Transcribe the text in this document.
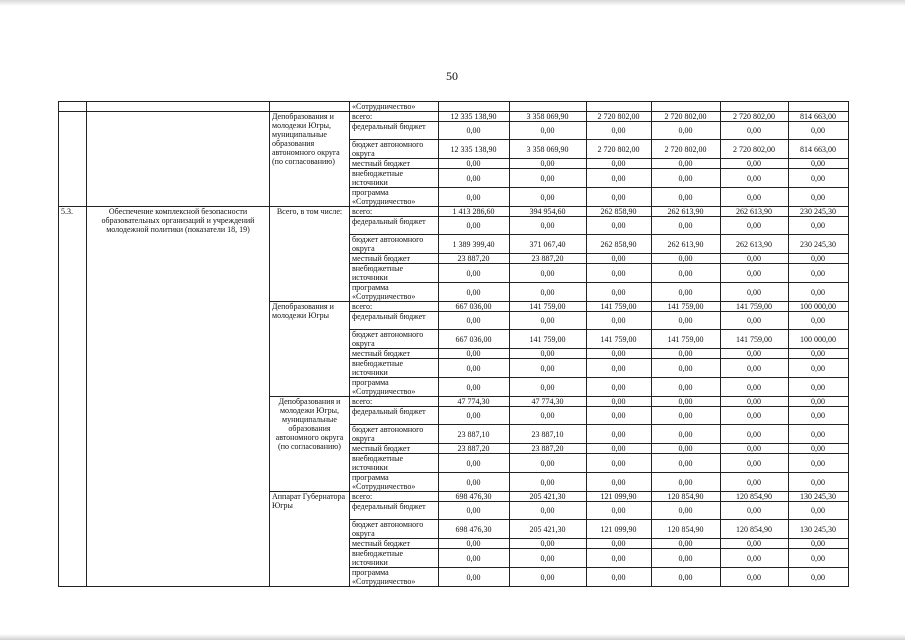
50
			«Сотрудничество»						
		Депобразования и молодежи Югры, муниципальные образования автономного округа (по согласованию)	всего:	12 335 138,90	3 358 069,90	2 720 802,00	2 720 802,00	2 720 802,00	814 663,00
			федеральный бюджет	0,00	0,00	0,00	0,00	0,00	0,00
			бюджет автономного округа	12 335 138,90	3 358 069,90	2 720 802,00	2 720 802,00	2 720 802,00	814 663,00
			местный бюджет	0,00	0,00	0,00	0,00	0,00	0,00
			внебюджетные источники	0,00	0,00	0,00	0,00	0,00	0,00
			программа «Сотрудничество»	0,00	0,00	0,00	0,00	0,00	0,00
5.3.	Обеспечение комплексной безопасности образовательных организаций и учреждений молодежной политики (показатели 18, 19)	Всего, в том числе:	всего:	1 413 286,60	394 954,60	262 858,90	262 613,90	262 613,90	230 245,30
			федеральный бюджет	0,00	0,00	0,00	0,00	0,00	0,00
			бюджет автономного округа	1 389 399,40	371 067,40	262 858,90	262 613,90	262 613,90	230 245,30
			местный бюджет	23 887,20	23 887,20	0,00	0,00	0,00	0,00
			внебюджетные источники	0,00	0,00	0,00	0,00	0,00	0,00
			программа «Сотрудничество»	0,00	0,00	0,00	0,00	0,00	0,00
		Депобразования и молодежи Югры	всего:	667 036,00	141 759,00	141 759,00	141 759,00	141 759,00	100 000,00
			федеральный бюджет	0,00	0,00	0,00	0,00	0,00	0,00
			бюджет автономного округа	667 036,00	141 759,00	141 759,00	141 759,00	141 759,00	100 000,00
			местный бюджет	0,00	0,00	0,00	0,00	0,00	0,00
			внебюджетные источники	0,00	0,00	0,00	0,00	0,00	0,00
			программа «Сотрудничество»	0,00	0,00	0,00	0,00	0,00	0,00
		Депобразования и молодежи Югры, муниципальные образования автономного округа (по согласованию)	всего:	47 774,30	47 774,30	0,00	0,00	0,00	0,00
			федеральный бюджет	0,00	0,00	0,00	0,00	0,00	0,00
			бюджет автономного округа	23 887,10	23 887,10	0,00	0,00	0,00	0,00
			местный бюджет	23 887,20	23 887,20	0,00	0,00	0,00	0,00
			внебюджетные источники	0,00	0,00	0,00	0,00	0,00	0,00
			программа «Сотрудничество»	0,00	0,00	0,00	0,00	0,00	0,00
		Аппарат Губернатора Югры	всего:	698 476,30	205 421,30	121 099,90	120 854,90	120 854,90	130 245,30
			федеральный бюджет	0,00	0,00	0,00	0,00	0,00	0,00
			бюджет автономного округа	698 476,30	205 421,30	121 099,90	120 854,90	120 854,90	130 245,30
			местный бюджет	0,00	0,00	0,00	0,00	0,00	0,00
			внебюджетные источники	0,00	0,00	0,00	0,00	0,00	0,00
			программа «Сотрудничество»	0,00	0,00	0,00	0,00	0,00	0,00
